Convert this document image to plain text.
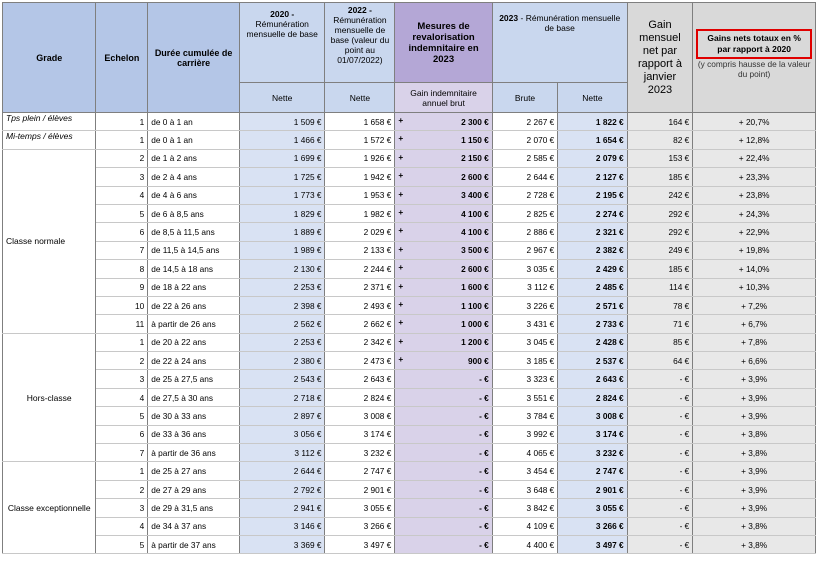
Grade	Echelon	Durée cumulée de carrière	2020 -
Rémunération mensuelle de base	2022 -
Rémunération mensuelle de base (valeur du point au 01/07/2022)	Mesures de revalorisation indemnitaire en 2023	2023 - Rémunération mensuelle de base		Gain mensuel net par rapport à janvier 2023	Gains nets totaux en % par rapport à 2020 (y compris hausse de la valeur du point)
			Nette	Nette	Gain indemnitaire annuel brut	Brute	Nette		
Tps plein / élèves	1	de 0 à 1 an	1 509 €	1 658 €	+ 2 300 €	2 267 €	1 822 €	164 €	+ 20,7%
Mi-temps / élèves	1	de 0 à 1 an	1 466 €	1 572 €	+ 1 150 €	2 070 €	1 654 €	82 €	+ 12,8%
Classe normale	2	de 1 à 2 ans	1 699 €	1 926 €	+ 2 150 €	2 585 €	2 079 €	153 €	+ 22,4%
	3	de 2 à 4 ans	1 725 €	1 942 €	+ 2 600 €	2 644 €	2 127 €	185 €	+ 23,3%
	4	de 4 à 6 ans	1 773 €	1 953 €	+ 3 400 €	2 728 €	2 195 €	242 €	+ 23,8%
	5	de 6 à 8,5 ans	1 829 €	1 982 €	+ 4 100 €	2 825 €	2 274 €	292 €	+ 24,3%
	6	de 8,5 à 11,5 ans	1 889 €	2 029 €	+ 4 100 €	2 886 €	2 321 €	292 €	+ 22,9%
	7	de 11,5 à 14,5 ans	1 989 €	2 133 €	+ 3 500 €	2 967 €	2 382 €	249 €	+ 19,8%
	8	de 14,5 à 18 ans	2 130 €	2 244 €	+ 2 600 €	3 035 €	2 429 €	185 €	+ 14,0%
	9	de 18 à 22 ans	2 253 €	2 371 €	+ 1 600 €	3 112 €	2 485 €	114 €	+ 10,3%
	10	de 22 à 26 ans	2 398 €	2 493 €	+ 1 100 €	3 226 €	2 571 €	78 €	+ 7,2%
	11	à partir de 26 ans	2 562 €	2 662 €	+ 1 000 €	3 431 €	2 733 €	71 €	+ 6,7%
Hors-classe	1	de 20 à 22 ans	2 253 €	2 342 €	+ 1 200 €	3 045 €	2 428 €	85 €	+ 7,8%
	2	de 22 à 24 ans	2 380 €	2 473 €	+ 900 €	3 185 €	2 537 €	64 €	+ 6,6%
	3	de 25 à 27,5 ans	2 543 €	2 643 €	- €	3 323 €	2 643 €	- €	+ 3,9%
	4	de 27,5 à 30 ans	2 718 €	2 824 €	- €	3 551 €	2 824 €	- €	+ 3,9%
	5	de 30 à 33 ans	2 897 €	3 008 €	- €	3 784 €	3 008 €	- €	+ 3,9%
	6	de 33 à 36 ans	3 056 €	3 174 €	- €	3 992 €	3 174 €	- €	+ 3,8%
	7	à partir de 36 ans	3 112 €	3 232 €	- €	4 065 €	3 232 €	- €	+ 3,8%
Classe exceptionnelle	1	de 25 à 27 ans	2 644 €	2 747 €	- €	3 454 €	2 747 €	- €	+ 3,9%
	2	de 27 à 29 ans	2 792 €	2 901 €	- €	3 648 €	2 901 €	- €	+ 3,9%
	3	de 29 à 31,5 ans	2 941 €	3 055 €	- €	3 842 €	3 055 €	- €	+ 3,9%
	4	de 34 à 37 ans	3 146 €	3 266 €	- €	4 109 €	3 266 €	- €	+ 3,8%
	5	à partir de 37 ans	3 369 €	3 497 €	- €	4 400 €	3 497 €	- €	+ 3,8%
